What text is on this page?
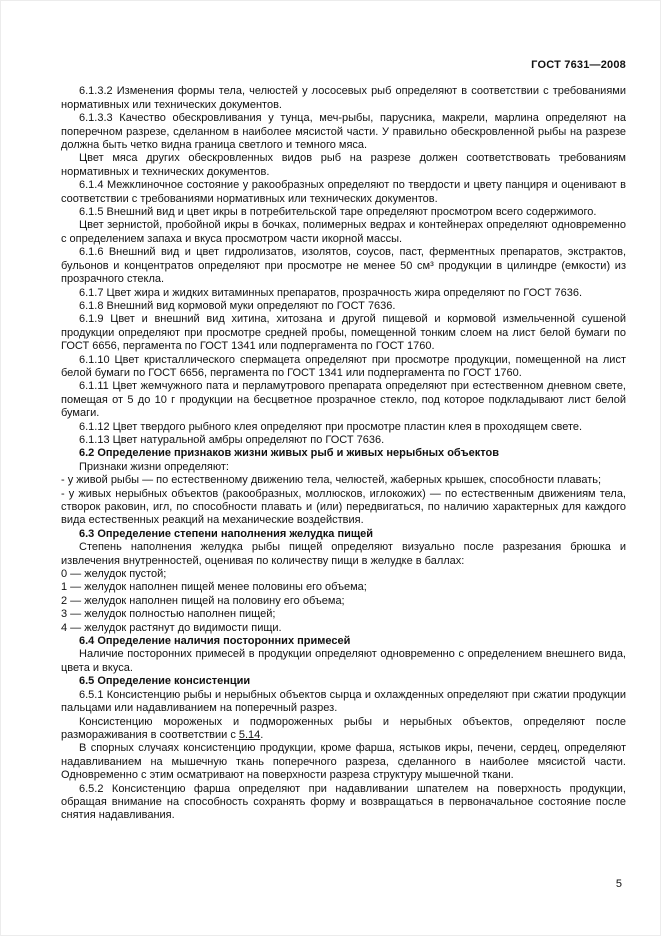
ГОСТ 7631—2008

6.1.3.2 Изменения формы тела, челюстей у лососевых рыб определяют в соответствии с требованиями нормативных или технических документов.

6.1.3.3 Качество обескровливания у тунца, меч-рыбы, парусника, макрели, марлина определяют на поперечном разрезе, сделанном в наиболее мясистой части. У правильно обескровленной рыбы на разрезе должна быть четко видна граница светлого и темного мяса.

Цвет мяса других обескровленных видов рыб на разрезе должен соответствовать требованиям нормативных и технических документов.

6.1.4 Межклиночное состояние у ракообразных определяют по твердости и цвету панциря и оценивают в соответствии с требованиями нормативных или технических документов.

6.1.5 Внешний вид и цвет икры в потребительской таре определяют просмотром всего содержимого.

Цвет зернистой, пробойной икры в бочках, полимерных ведрах и контейнерах определяют одновременно с определением запаха и вкуса просмотром части икорной массы.

6.1.6 Внешний вид и цвет гидролизатов, изолятов, соусов, паст, ферментных препаратов, экстрактов, бульонов и концентратов определяют при просмотре не менее 50 см³ продукции в цилиндре (емкости) из прозрачного стекла.

6.1.7 Цвет жира и жидких витаминных препаратов, прозрачность жира определяют по ГОСТ 7636.

6.1.8 Внешний вид кормовой муки определяют по ГОСТ 7636.

6.1.9 Цвет и внешний вид хитина, хитозана и другой пищевой и кормовой измельченной сушеной продукции определяют при просмотре средней пробы, помещенной тонким слоем на лист белой бумаги по ГОСТ 6656, пергамента по ГОСТ 1341 или подпергамента по ГОСТ 1760.

6.1.10 Цвет кристаллического спермацета определяют при просмотре продукции, помещенной на лист белой бумаги по ГОСТ 6656, пергамента по ГОСТ 1341 или подпергамента по ГОСТ 1760.

6.1.11 Цвет жемчужного пата и перламутрового препарата определяют при естественном дневном свете, помещая от 5 до 10 г продукции на бесцветное прозрачное стекло, под которое подкладывают лист белой бумаги.

6.1.12 Цвет твердого рыбного клея определяют при просмотре пластин клея в проходящем свете.

6.1.13 Цвет натуральной амбры определяют по ГОСТ 7636.

6.2 Определение признаков жизни живых рыб и живых нерыбных объектов

Признаки жизни определяют:

- у живой рыбы — по естественному движению тела, челюстей, жаберных крышек, способности плавать;

- у живых нерыбных объектов (ракообразных, моллюсков, иглокожих) — по естественным движениям тела, створок раковин, игл, по способности плавать и (или) передвигаться, по наличию характерных для каждого вида естественных реакций на механические воздействия.

6.3 Определение степени наполнения желудка пищей

Степень наполнения желудка рыбы пищей определяют визуально после разрезания брюшка и извлечения внутренностей, оценивая по количеству пищи в желудке в баллах:

0 — желудок пустой;

1 — желудок наполнен пищей менее половины его объема;

2 — желудок наполнен пищей на половину его объема;

3 — желудок полностью наполнен пищей;

4 — желудок растянут до видимости пищи.

6.4 Определение наличия посторонних примесей

Наличие посторонних примесей в продукции определяют одновременно с определением внешнего вида, цвета и вкуса.

6.5 Определение консистенции

6.5.1 Консистенцию рыбы и нерыбных объектов сырца и охлажденных определяют при сжатии продукции пальцами или надавливанием на поперечный разрез.

Консистенцию мороженых и подмороженных рыбы и нерыбных объектов, определяют после размораживания в соответствии с 5.14.

В спорных случаях консистенцию продукции, кроме фарша, ястыков икры, печени, сердец, определяют надавливанием на мышечную ткань поперечного разреза, сделанного в наиболее мясистой части. Одновременно с этим осматривают на поверхности разреза структуру мышечной ткани.

6.5.2 Консистенцию фарша определяют при надавливании шпателем на поверхность продукции, обращая внимание на способность сохранять форму и возвращаться в первоначальное состояние после снятия надавливания.

5
